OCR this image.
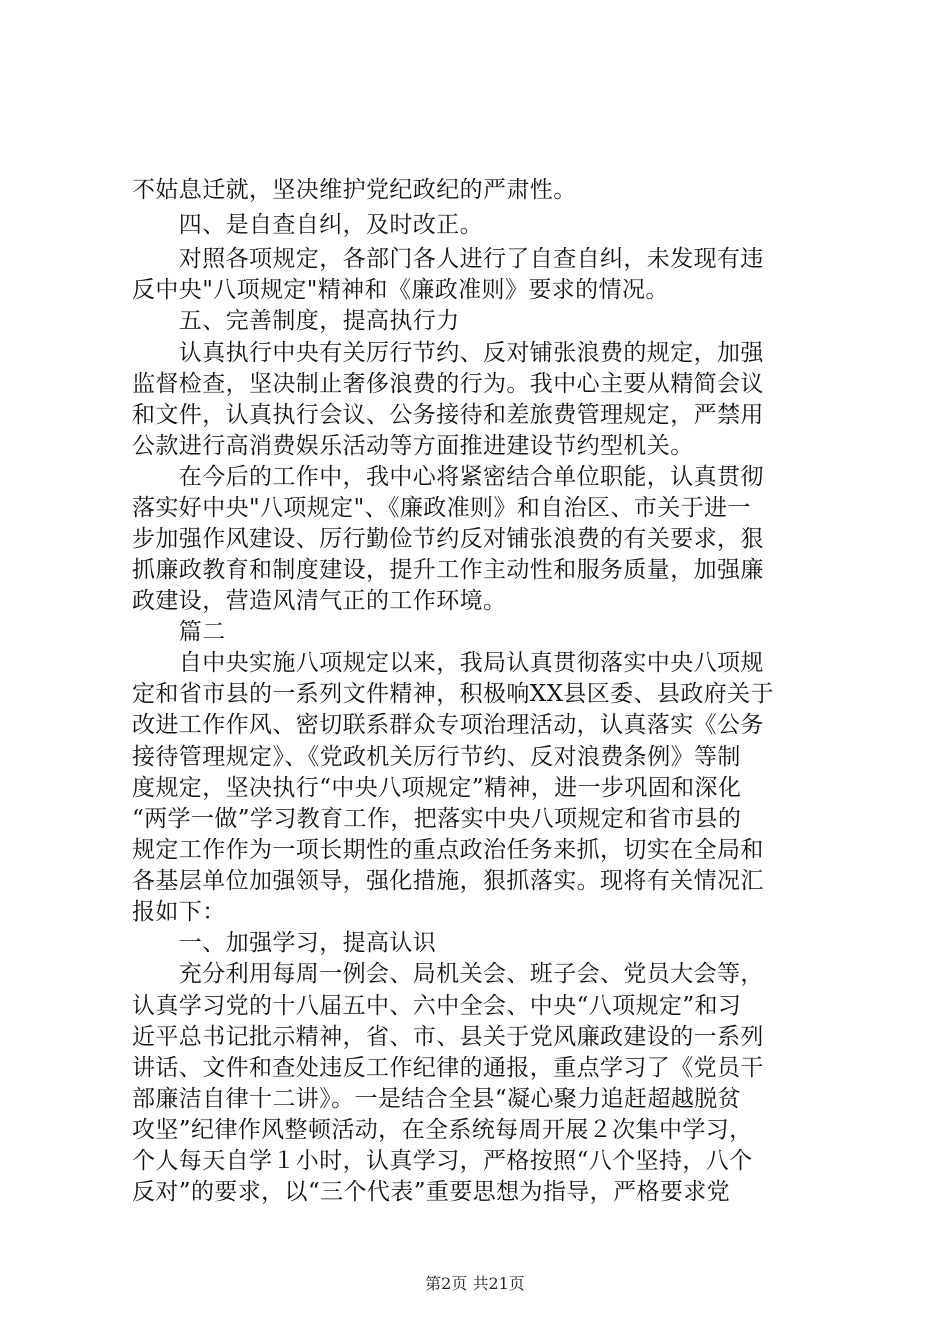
不姑息迁就，坚决维护党纪政纪的严肃性。
　　四、是自查自纠，及时改正。
　　对照各项规定，各部门各人进行了自查自纠，未发现有违
反中央"八项规定"精神和《廉政准则》要求的情况。
　　五、完善制度，提高执行力
　　认真执行中央有关厉行节约、反对铺张浪费的规定，加强
监督检查，坚决制止奢侈浪费的行为。我中心主要从精简会议
和文件，认真执行会议、公务接待和差旅费管理规定，严禁用
公款进行高消费娱乐活动等方面推进建设节约型机关。
　　在今后的工作中，我中心将紧密结合单位职能，认真贯彻
落实好中央"八项规定"、《廉政准则》和自治区、市关于进一
步加强作风建设、厉行勤俭节约反对铺张浪费的有关要求，狠
抓廉政教育和制度建设，提升工作主动性和服务质量，加强廉
政建设，营造风清气正的工作环境。
　　篇二
　　自中央实施八项规定以来，我局认真贯彻落实中央八项规
定和省市县的一系列文件精神，积极响XX县区委、县政府关于
改进工作作风、密切联系群众专项治理活动，认真落实《公务
接待管理规定》、《党政机关厉行节约、反对浪费条例》等制
度规定，坚决执行“中央八项规定”精神，进一步巩固和深化
“两学一做”学习教育工作，把落实中央八项规定和省市县的
规定工作作为一项长期性的重点政治任务来抓，切实在全局和
各基层单位加强领导，强化措施，狠抓落实。现将有关情况汇
报如下：
　　一、加强学习，提高认识
　　充分利用每周一例会、局机关会、班子会、党员大会等，
认真学习党的十八届五中、六中全会、中央“八项规定”和习
近平总书记批示精神，省、市、县关于党风廉政建设的一系列
讲话、文件和查处违反工作纪律的通报，重点学习了《党员干
部廉洁自律十二讲》。一是结合全县“凝心聚力追赶超越脱贫
攻坚”纪律作风整顿活动，在全系统每周开展２次集中学习，
个人每天自学１小时，认真学习，严格按照“八个坚持，八个
反对”的要求，以“三个代表”重要思想为指导，严格要求党
第2页 共21页
